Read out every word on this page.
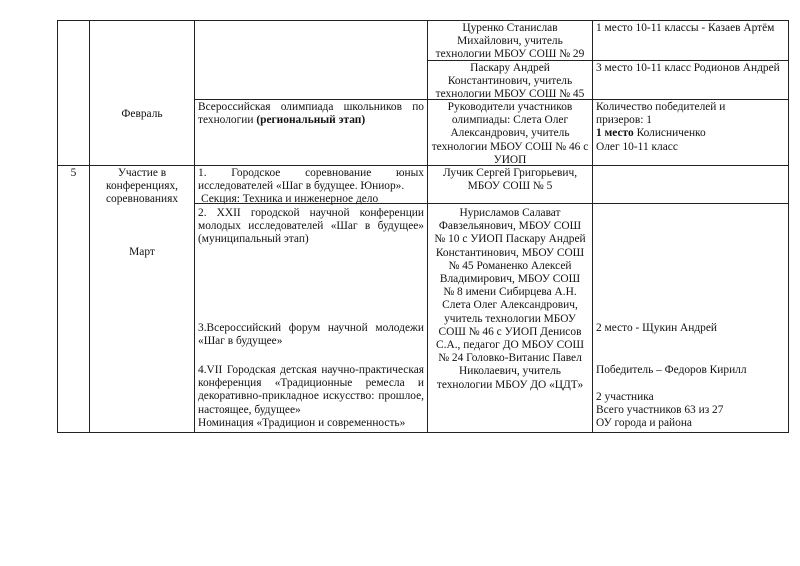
5
Февраль
Участие в конференциях, соревнованиях
Март
Всероссийская олимпиада школьников по технологии (региональный этап)
1. Городское соревнование юных исследователей «Шаг в будущее. Юниор».
Секция: Техника и инженерное дело
2. XXII городской научной конференции молодых исследователей «Шаг в будущее» (муниципальный этап)
3.Всероссийский форум научной молодежи «Шаг в будущее»
4.VII Городская детская научно-практическая конференция «Традиционные ремесла и декоративно-прикладное искусство: прошлое, настоящее, будущее»
Номинация «Традицион и современность»
Цуренко Станислав Михайлович, учитель технологии МБОУ СОШ № 29
Паскару Андрей Константинович, учитель технологии МБОУ СОШ № 45
Руководители участников олимпиады: Слета Олег Александрович, учитель технологии МБОУ СОШ № 46 с УИОП
Лучик Сергей Григорьевич, МБОУ СОШ № 5
Нурисламов Салават Фавзельянович, МБОУ СОШ № 10 с УИОП Паскару Андрей Константинович, МБОУ СОШ № 45 Романенко Алексей Владимирович, МБОУ СОШ № 8 имени Сибирцева А.Н. Слета Олег Александрович, учитель технологии МБОУ СОШ № 46 с УИОП Денисов С.А., педагог ДО МБОУ СОШ № 24 Головко-Витанис Павел Николаевич, учитель технологии МБОУ ДО «ЦДТ»
1 место 10-11 классы - Казаев Артём
3 место 10-11 класс Родионов Андрей
Количество победителей и призеров: 1
1 место Колисниченко Олег 10-11 класс
2 место - Щукин Андрей
Победитель – Федоров Кирилл
2 участника
Всего участников 63 из 27 ОУ города и района
